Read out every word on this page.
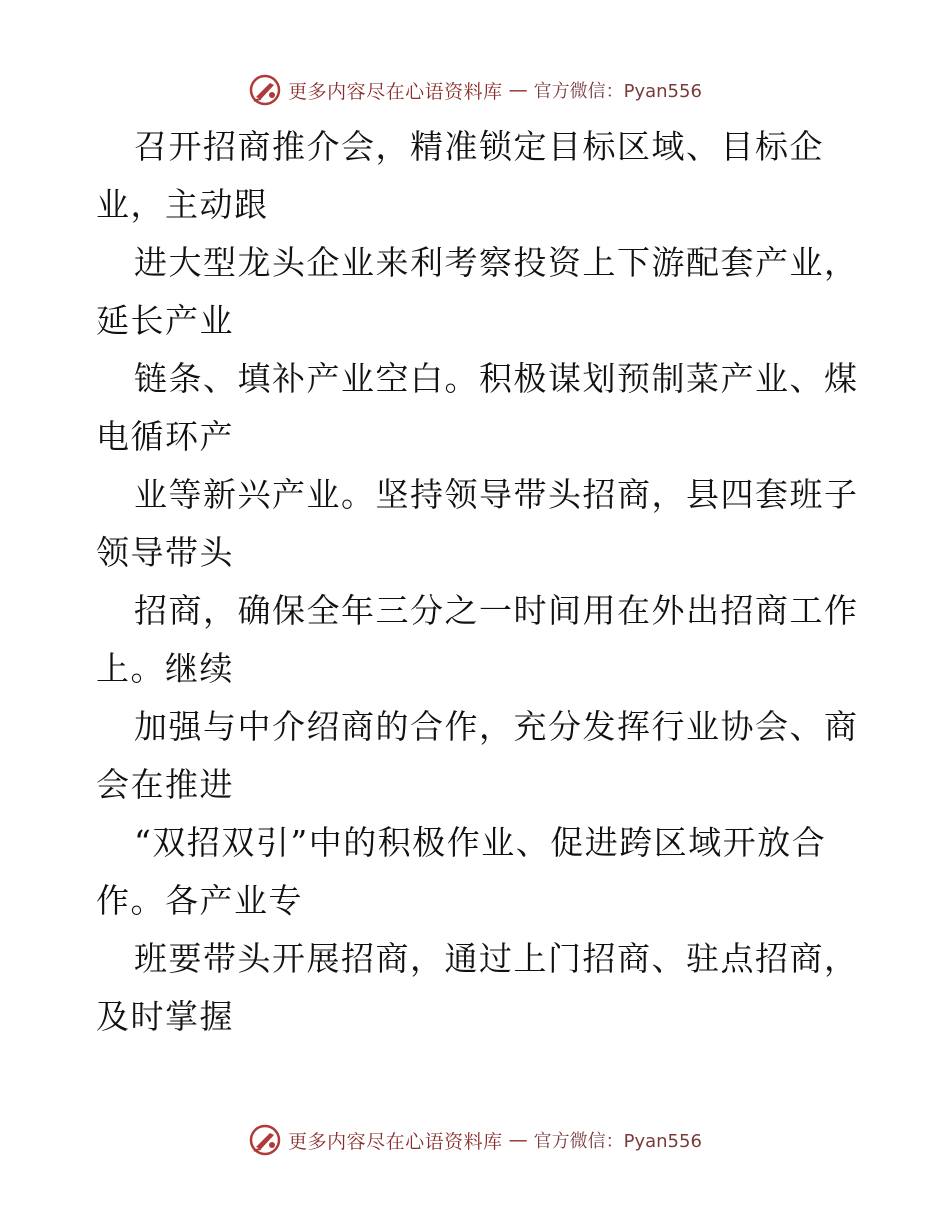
更多内容尽在心语资料库 — 官方微信：Pyan556

召开招商推介会，精准锁定目标区域、目标企
业，主动跟

进大型龙头企业来利考察投资上下游配套产业，
延长产业

链条、填补产业空白。积极谋划预制菜产业、煤
电循环产

业等新兴产业。坚持领导带头招商，县四套班子
领导带头

招商，确保全年三分之一时间用在外出招商工作
上。继续

加强与中介绍商的合作，充分发挥行业协会、商
会在推进

“双招双引”中的积极作业、促进跨区域开放合
作。各产业专

班要带头开展招商，通过上门招商、驻点招商，
及时掌握

更多内容尽在心语资料库 — 官方微信：Pyan556
